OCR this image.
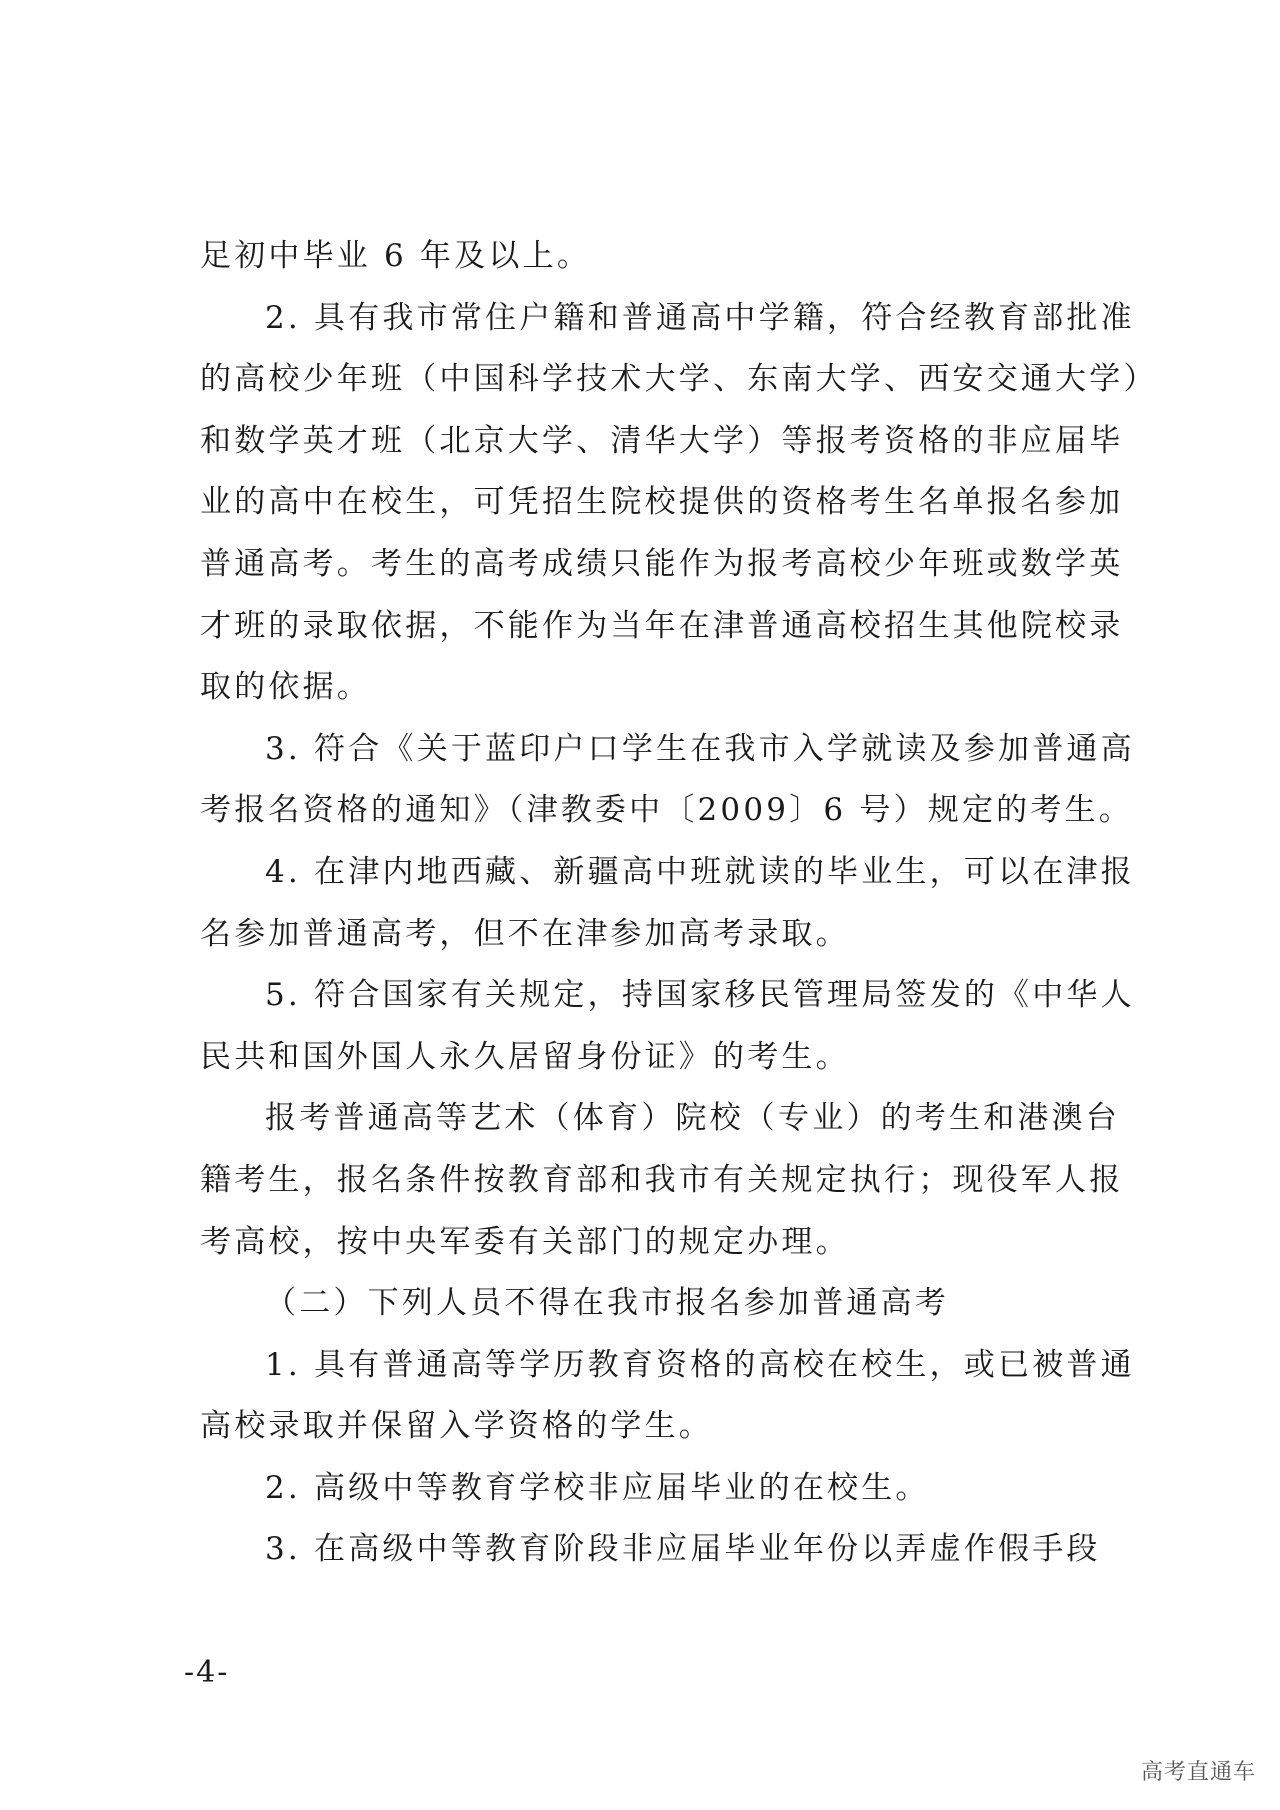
足初中毕业 6 年及以上。

2. 具有我市常住户籍和普通高中学籍，符合经教育部批准

的高校少年班（中国科学技术大学、东南大学、西安交通大学）

和数学英才班（北京大学、清华大学）等报考资格的非应届毕

业的高中在校生，可凭招生院校提供的资格考生名单报名参加

普通高考。考生的高考成绩只能作为报考高校少年班或数学英

才班的录取依据，不能作为当年在津普通高校招生其他院校录

取的依据。

3. 符合《关于蓝印户口学生在我市入学就读及参加普通高

考报名资格的通知》（津教委中〔2009〕6 号）规定的考生。

4. 在津内地西藏、新疆高中班就读的毕业生，可以在津报

名参加普通高考，但不在津参加高考录取。

5. 符合国家有关规定，持国家移民管理局签发的《中华人

民共和国外国人永久居留身份证》的考生。

报考普通高等艺术（体育）院校（专业）的考生和港澳台

籍考生，报名条件按教育部和我市有关规定执行；现役军人报

考高校，按中央军委有关部门的规定办理。

（二）下列人员不得在我市报名参加普通高考

1. 具有普通高等学历教育资格的高校在校生，或已被普通

高校录取并保留入学资格的学生。

2. 高级中等教育学校非应届毕业的在校生。

3. 在高级中等教育阶段非应届毕业年份以弄虚作假手段

-4-
高考直通车
